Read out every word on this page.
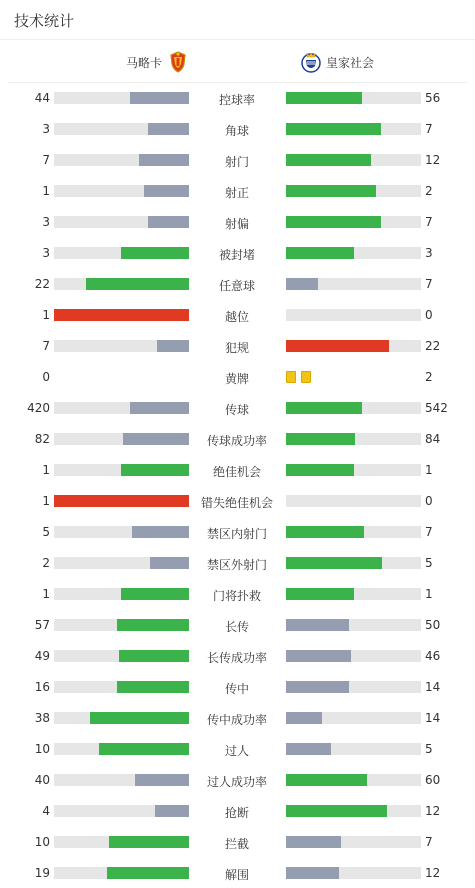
技术统计
马略卡	皇家社会
44	控球率	56
3	角球	7
7	射门	12
1	射正	2
3	射偏	7
3	被封堵	3
22	任意球	7
1	越位	0
7	犯规	22
0	黄牌	2
420	传球	542
82	传球成功率	84
1	绝佳机会	1
1	错失绝佳机会	0
5	禁区内射门	7
2	禁区外射门	5
1	门将扑救	1
57	长传	50
49	长传成功率	46
16	传中	14
38	传中成功率	14
10	过人	5
40	过人成功率	60
4	抢断	12
10	拦截	7
19	解围	12
